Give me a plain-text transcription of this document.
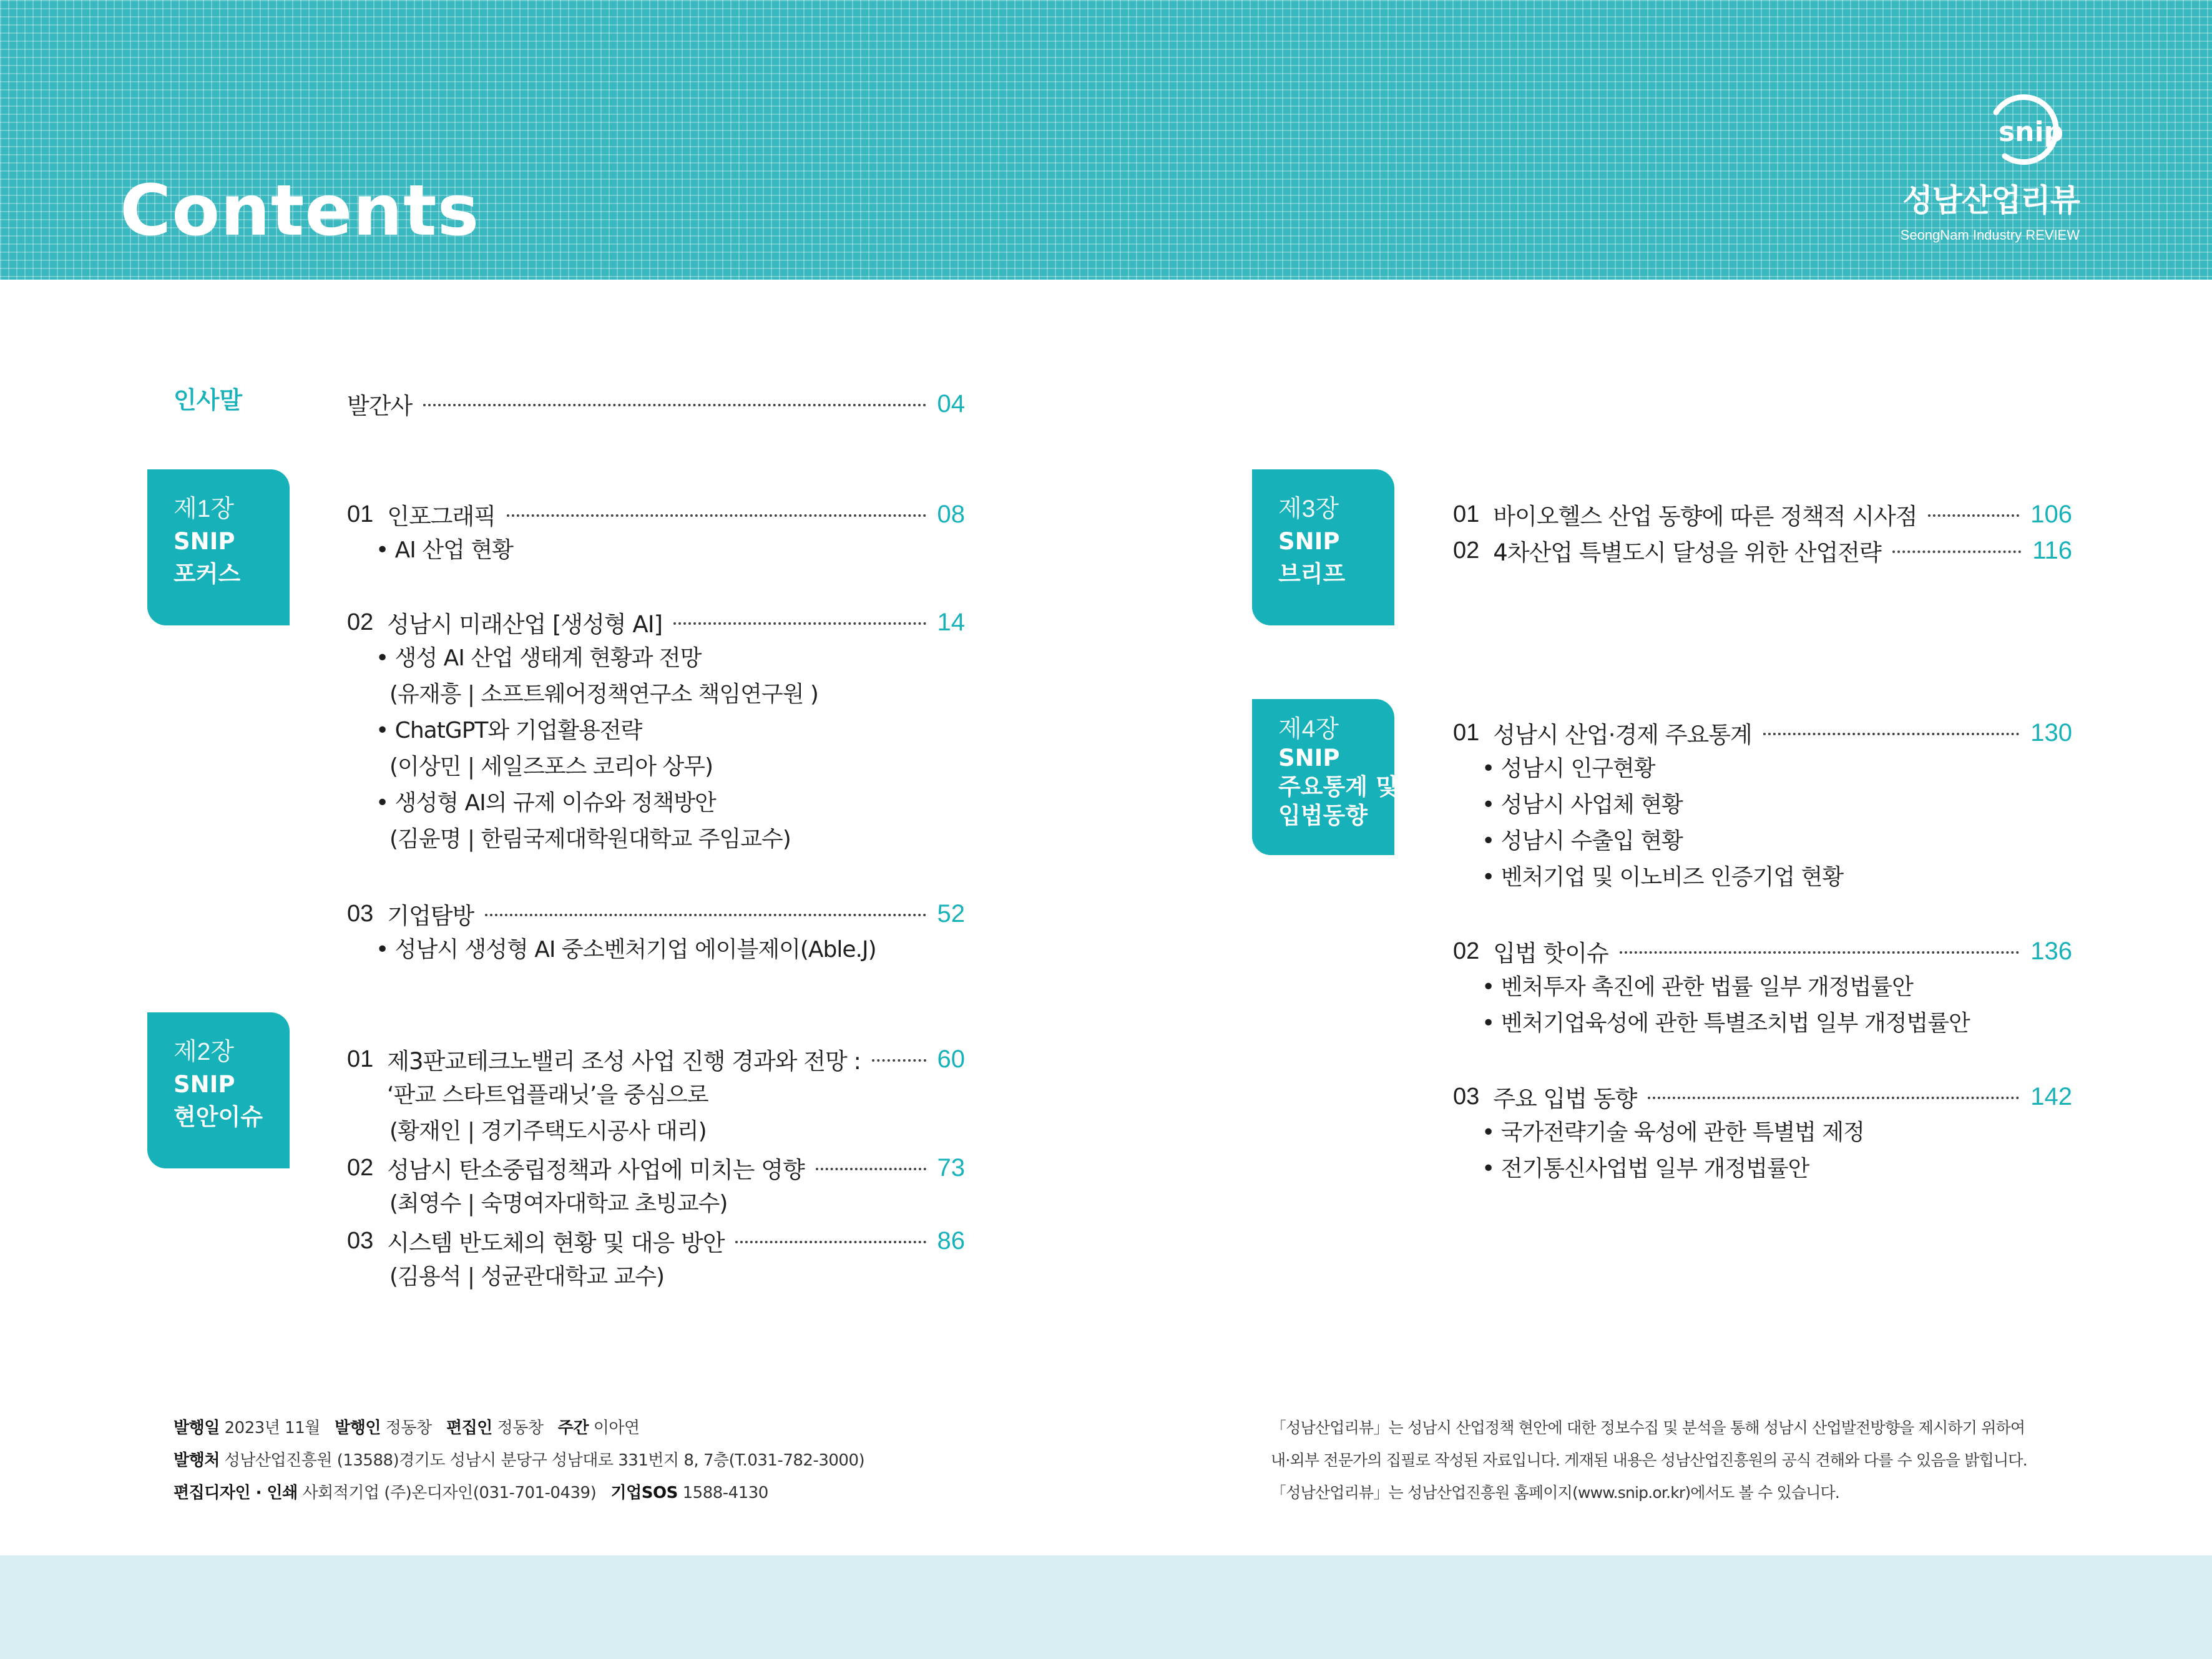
Contents
snip
성남산업리뷰
SeongNam Industry REVIEW
인사말	발간사	04
제1장
SNIP
포커스
01 인포그래픽	08
• AI 산업 현황
02 성남시 미래산업 [생성형 AI]	14
• 생성 AI 산업 생태계 현황과 전망
(유재흥 | 소프트웨어정책연구소 책임연구원 )
• ChatGPT와 기업활용전략
(이상민 | 세일즈포스 코리아 상무)
• 생성형 AI의 규제 이슈와 정책방안
(김윤명 | 한림국제대학원대학교 주임교수)
03 기업탐방	52
• 성남시 생성형 AI 중소벤처기업 에이블제이(Able.J)
제2장
SNIP
현안이슈
01 제3판교테크노밸리 조성 사업 진행 경과와 전망 :	60
‘판교 스타트업플래닛’을 중심으로
(황재인 | 경기주택도시공사 대리)
02 성남시 탄소중립정책과 사업에 미치는 영향	73
(최영수 | 숙명여자대학교 초빙교수)
03 시스템 반도체의 현황 및 대응 방안	86
(김용석 | 성균관대학교 교수)
제3장
SNIP
브리프
01 바이오헬스 산업 동향에 따른 정책적 시사점	106
02 4차산업 특별도시 달성을 위한 산업전략	116
제4장
SNIP
주요통계 및
입법동향
01 성남시 산업·경제 주요통계	130
• 성남시 인구현황
• 성남시 사업체 현황
• 성남시 수출입 현황
• 벤처기업 및 이노비즈 인증기업 현황
02 입법 핫이슈	136
• 벤처투자 촉진에 관한 법률 일부 개정법률안
• 벤처기업육성에 관한 특별조치법 일부 개정법률안
03 주요 입법 동향	142
• 국가전략기술 육성에 관한 특별법 제정
• 전기통신사업법 일부 개정법률안
발행일 2023년 11월 발행인 정동창 편집인 정동창 주간 이아연
발행처 성남산업진흥원 (13588)경기도 성남시 분당구 성남대로 331번지 8, 7층(T.031-782-3000)
편집디자인 · 인쇄 사회적기업 (주)온디자인(031-701-0439) 기업SOS 1588-4130
「성남산업리뷰」는 성남시 산업정책 현안에 대한 정보수집 및 분석을 통해 성남시 산업발전방향을 제시하기 위하여
내·외부 전문가의 집필로 작성된 자료입니다. 게재된 내용은 성남산업진흥원의 공식 견해와 다를 수 있음을 밝힙니다.
「성남산업리뷰」는 성남산업진흥원 홈페이지(www.snip.or.kr)에서도 볼 수 있습니다.
